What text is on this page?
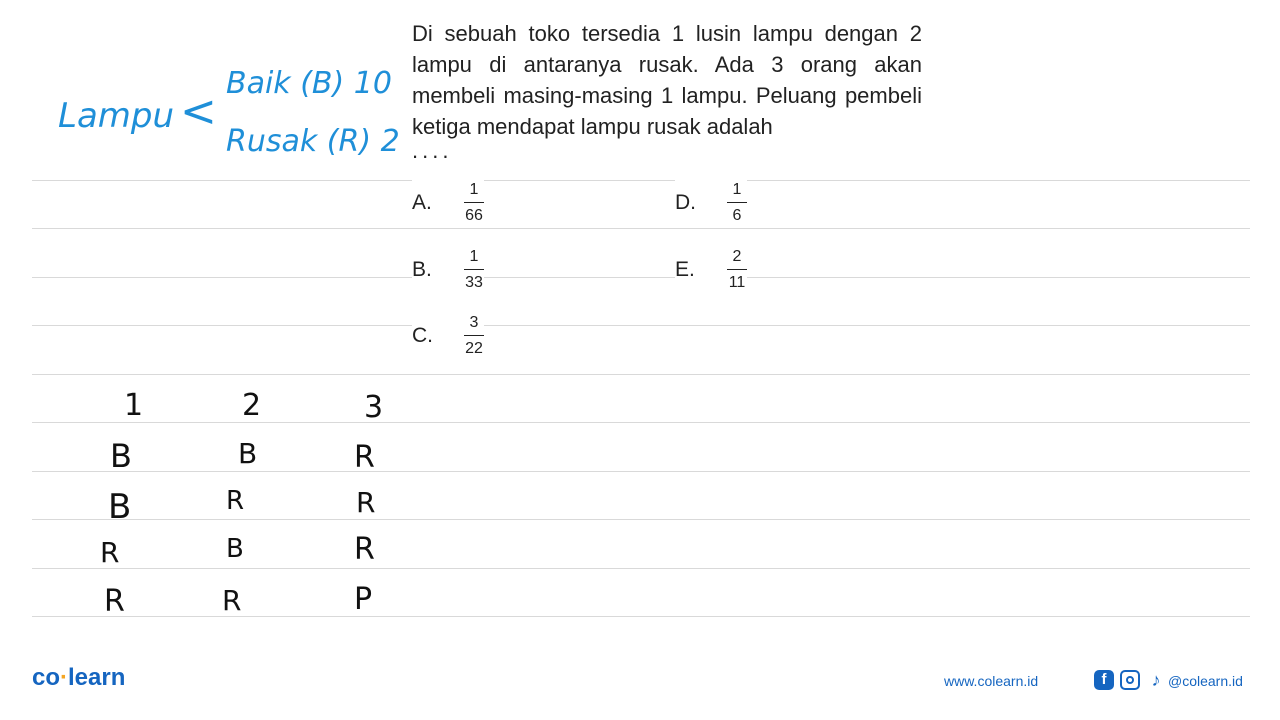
Di sebuah toko tersedia 1 lusin lampu dengan 2 lampu di antaranya rusak. Ada 3 orang akan membeli masing-masing 1 lampu. Peluang pembeli ketiga mendapat lampu rusak adalah
....
A.	$\frac{1}{66}$
B.	$\frac{1}{33}$
C.	$\frac{3}{22}$
D.	$\frac{1}{6}$
E.	$\frac{2}{11}$
Lampu <
Baik (B) 10
Rusak (R) 2
1	2	3
B	B	R
B	R	R
R	B	R
R	R	P
co·learn	www.colearn.id	f	♪ @colearn.id
